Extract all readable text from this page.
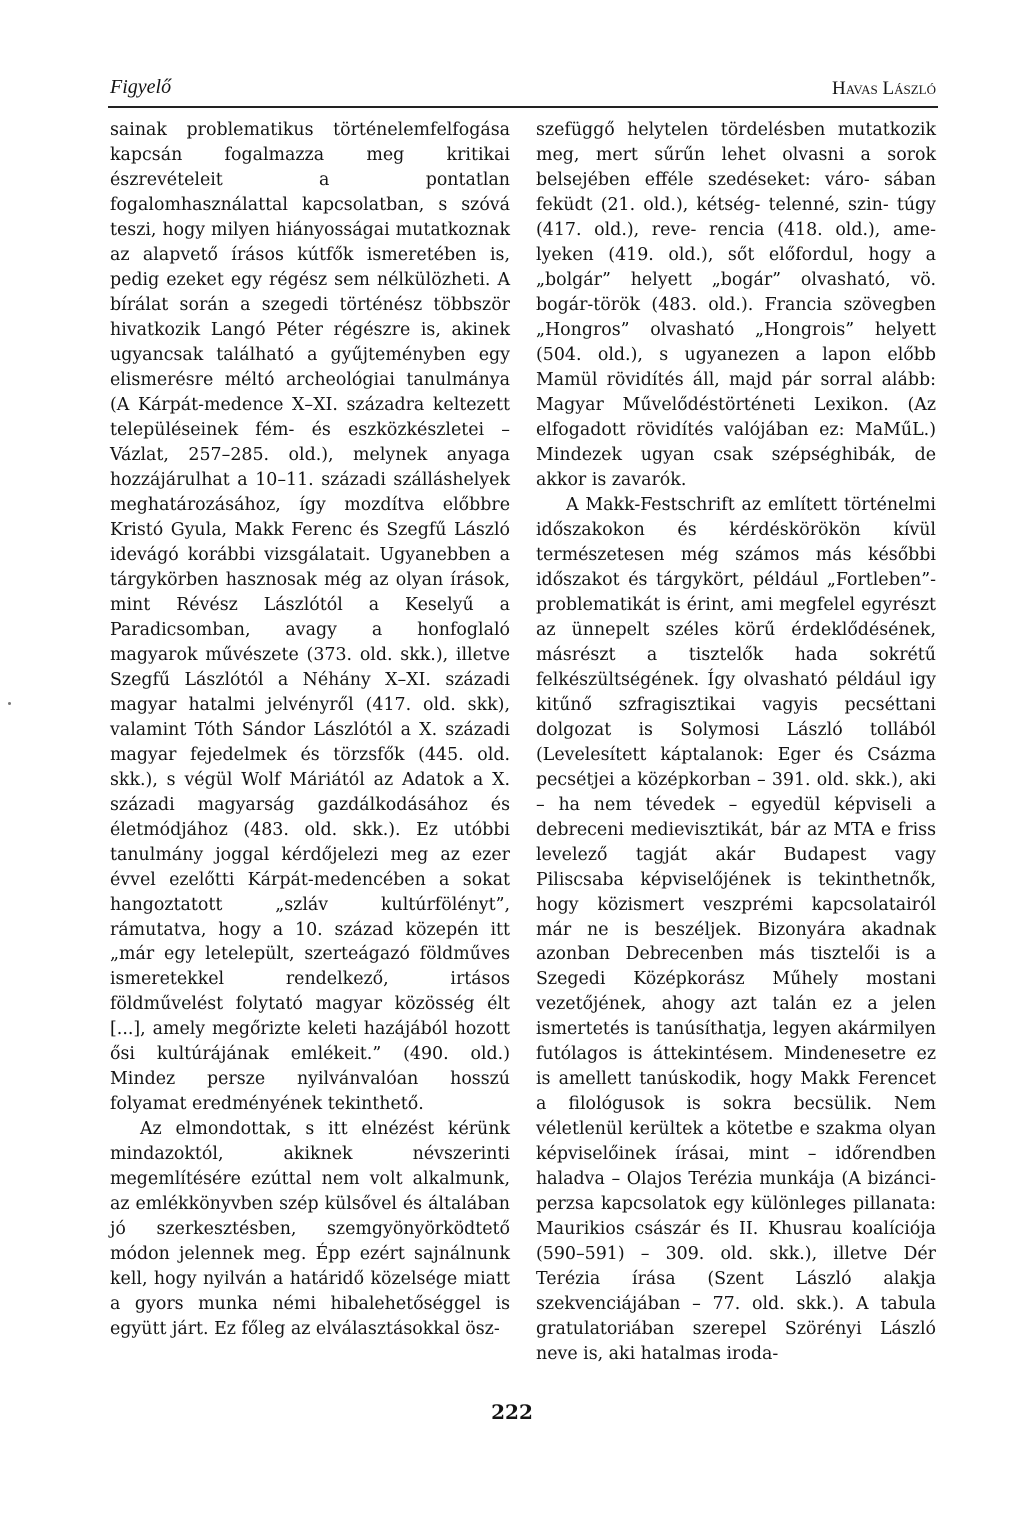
Figyelő	Havas László

sainak problematikus történelemfelfogása kapcsán fogalmazza meg kritikai észrevételeit a pontatlan fogalomhasználattal kapcsolatban, s szóvá teszi, hogy milyen hiányosságai mutatkoznak az alapvető írásos kútfők ismeretében is, pedig ezeket egy régész sem nélkülözheti. A bírálat során a szegedi történész többször hivatkozik Langó Péter régészre is, akinek ugyancsak található a gyűjteményben egy elismerésre méltó archeológiai tanulmánya (A Kárpát-medence X–XI. századra keltezett településeinek fém- és eszközkészletei – Vázlat, 257–285. old.), melynek anyaga hozzájárulhat a 10–11. századi szálláshelyek meghatározásához, így mozdítva előbbre Kristó Gyula, Makk Ferenc és Szegfű László idevágó korábbi vizsgálatait. Ugyanebben a tárgykörben hasznosak még az olyan írások, mint Révész Lászlótól a Keselyű a Paradicsomban, avagy a honfoglaló magyarok művészete (373. old. skk.), illetve Szegfű Lászlótól a Néhány X–XI. századi magyar hatalmi jelvényről (417. old. skk), valamint Tóth Sándor Lászlótól a X. századi magyar fejedelmek és törzsfők (445. old. skk.), s végül Wolf Máriától az Adatok a X. századi magyarság gazdálkodásához és életmódjához (483. old. skk.). Ez utóbbi tanulmány joggal kérdőjelezi meg az ezer évvel ezelőtti Kárpát-medencében a sokat hangoztatott „szláv kultúrfölényt”, rámutatva, hogy a 10. század közepén itt „már egy letelepült, szerteágazó földműves ismeretekkel rendelkező, irtásos földművelést folytató magyar közösség élt [...], amely megőrizte keleti hazájából hozott ősi kultúrájának emlékeit.” (490. old.) Mindez persze nyilvánvalóan hosszú folyamat eredményének tekinthető.

Az elmondottak, s itt elnézést kérünk mindazoktól, akiknek névszerinti megemlítésére ezúttal nem volt alkalmunk, az emlékkönyvben szép külsővel és általában jó szerkesztésben, szemgyönyörködtető módon jelennek meg. Épp ezért sajnálnunk kell, hogy nyilván a határidő közelsége miatt a gyors munka némi hibalehetőséggel is együtt járt. Ez főleg az elválasztásokkal ösz-

szefüggő helytelen tördelésben mutatkozik meg, mert sűrűn lehet olvasni a sorok belsejében efféle szedéseket: váro- sában feküdt (21. old.), kétség- telenné, szin- túgy (417. old.), reve- rencia (418. old.), ame-lyeken (419. old.), sőt előfordul, hogy a „bolgár” helyett „bogár” olvasható, vö. bogár-török (483. old.). Francia szövegben „Hongros” olvasható „Hongrois” helyett (504. old.), s ugyanezen a lapon előbb Mamül rövidítés áll, majd pár sorral alább: Magyar Művelődéstörténeti Lexikon. (Az elfogadott rövidítés valójában ez: MaMűL.) Mindezek ugyan csak szépséghibák, de akkor is zavarók.

A Makk-Festschrift az említett történelmi időszakokon és kérdéskörökön kívül természetesen még számos más későbbi időszakot és tárgykört, például „Fortleben”-problematikát is érint, ami megfelel egyrészt az ünnepelt széles körű érdeklődésének, másrészt a tisztelők hada sokrétű felkészültségének. Így olvasható például igy kitűnő szfragisztikai vagyis pecséttani dolgozat is Solymosi László tollából (Levelesített káptalanok: Eger és Csázma pecsétjei a középkorban – 391. old. skk.), aki – ha nem tévedek – egyedül képviseli a debreceni medievisztikát, bár az MTA e friss levelező tagját akár Budapest vagy Piliscsaba képviselőjének is tekinthetnők, hogy közismert veszprémi kapcsolatairól már ne is beszéljek. Bizonyára akadnak azonban Debrecenben más tisztelői is a Szegedi Középkorász Műhely mostani vezetőjének, ahogy azt talán ez a jelen ismertetés is tanúsíthatja, legyen akármilyen futólagos is áttekintésem. Mindenesetre ez is amellett tanúskodik, hogy Makk Ferencet a filológusok is sokra becsülik. Nem véletlenül kerültek a kötetbe e szakma olyan képviselőinek írásai, mint – időrendben haladva – Olajos Terézia munkája (A bizánci-perzsa kapcsolatok egy különleges pillanata: Maurikios császár és II. Khusrau koalíciója (590–591) – 309. old. skk.), illetve Dér Terézia írása (Szent László alakja szekvenciájában – 77. old. skk.). A tabula gratulatoriában szerepel Szörényi László neve is, aki hatalmas iroda-

222
